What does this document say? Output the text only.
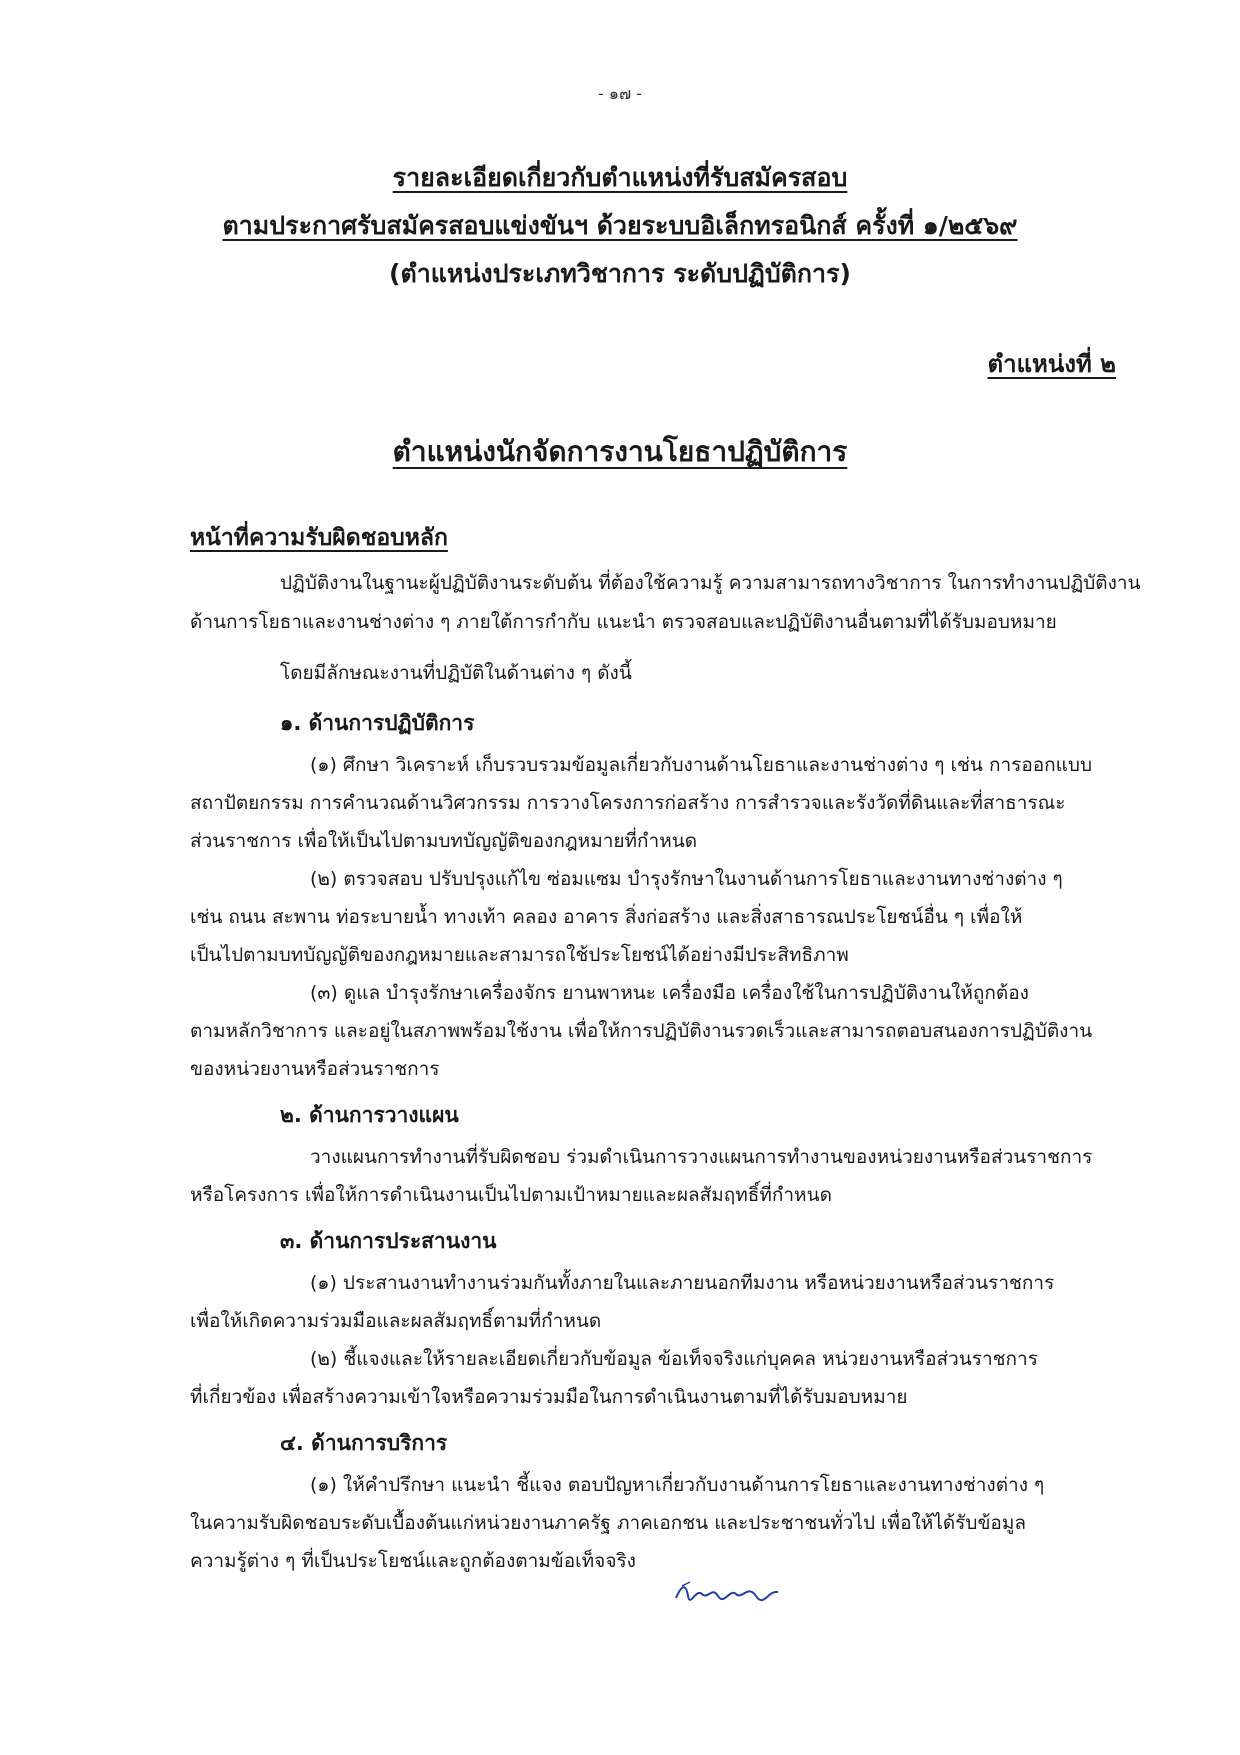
- ๑๗ -
รายละเอียดเกี่ยวกับตำแหน่งที่รับสมัครสอบ
ตามประกาศรับสมัครสอบแข่งขันฯ ด้วยระบบอิเล็กทรอนิกส์ ครั้งที่ ๑/๒๕๖๙
(ตำแหน่งประเภทวิชาการ ระดับปฏิบัติการ)
ตำแหน่งที่ ๒
ตำแหน่งนักจัดการงานโยธาปฏิบัติการ
หน้าที่ความรับผิดชอบหลัก
ปฏิบัติงานในฐานะผู้ปฏิบัติงานระดับต้น ที่ต้องใช้ความรู้ ความสามารถทางวิชาการ ในการทำงานปฏิบัติงาน
ด้านการโยธาและงานช่างต่าง ๆ ภายใต้การกำกับ แนะนำ ตรวจสอบและปฏิบัติงานอื่นตามที่ได้รับมอบหมาย
โดยมีลักษณะงานที่ปฏิบัติในด้านต่าง ๆ ดังนี้
๑. ด้านการปฏิบัติการ
(๑) ศึกษา วิเคราะห์ เก็บรวบรวมข้อมูลเกี่ยวกับงานด้านโยธาและงานช่างต่าง ๆ เช่น การออกแบบ
สถาปัตยกรรม การคำนวณด้านวิศวกรรม การวางโครงการก่อสร้าง การสำรวจและรังวัดที่ดินและที่สาธารณะ
ส่วนราชการ เพื่อให้เป็นไปตามบทบัญญัติของกฎหมายที่กำหนด
(๒) ตรวจสอบ ปรับปรุงแก้ไข ซ่อมแซม บำรุงรักษาในงานด้านการโยธาและงานทางช่างต่าง ๆ
เช่น ถนน สะพาน ท่อระบายน้ำ ทางเท้า คลอง อาคาร สิ่งก่อสร้าง และสิ่งสาธารณประโยชน์อื่น ๆ เพื่อให้
เป็นไปตามบทบัญญัติของกฎหมายและสามารถใช้ประโยชน์ได้อย่างมีประสิทธิภาพ
(๓) ดูแล บำรุงรักษาเครื่องจักร ยานพาหนะ เครื่องมือ เครื่องใช้ในการปฏิบัติงานให้ถูกต้อง
ตามหลักวิชาการ และอยู่ในสภาพพร้อมใช้งาน เพื่อให้การปฏิบัติงานรวดเร็วและสามารถตอบสนองการปฏิบัติงาน
ของหน่วยงานหรือส่วนราชการ
๒. ด้านการวางแผน
วางแผนการทำงานที่รับผิดชอบ ร่วมดำเนินการวางแผนการทำงานของหน่วยงานหรือส่วนราชการ
หรือโครงการ เพื่อให้การดำเนินงานเป็นไปตามเป้าหมายและผลสัมฤทธิ์ที่กำหนด
๓. ด้านการประสานงาน
(๑) ประสานงานทำงานร่วมกันทั้งภายในและภายนอกทีมงาน หรือหน่วยงานหรือส่วนราชการ
เพื่อให้เกิดความร่วมมือและผลสัมฤทธิ์ตามที่กำหนด
(๒) ชี้แจงและให้รายละเอียดเกี่ยวกับข้อมูล ข้อเท็จจริงแก่บุคคล หน่วยงานหรือส่วนราชการ
ที่เกี่ยวข้อง เพื่อสร้างความเข้าใจหรือความร่วมมือในการดำเนินงานตามที่ได้รับมอบหมาย
๔. ด้านการบริการ
(๑) ให้คำปรึกษา แนะนำ ชี้แจง ตอบปัญหาเกี่ยวกับงานด้านการโยธาและงานทางช่างต่าง ๆ
ในความรับผิดชอบระดับเบื้องต้นแก่หน่วยงานภาครัฐ ภาคเอกชน และประชาชนทั่วไป เพื่อให้ได้รับข้อมูล
ความรู้ต่าง ๆ ที่เป็นประโยชน์และถูกต้องตามข้อเท็จจริง
